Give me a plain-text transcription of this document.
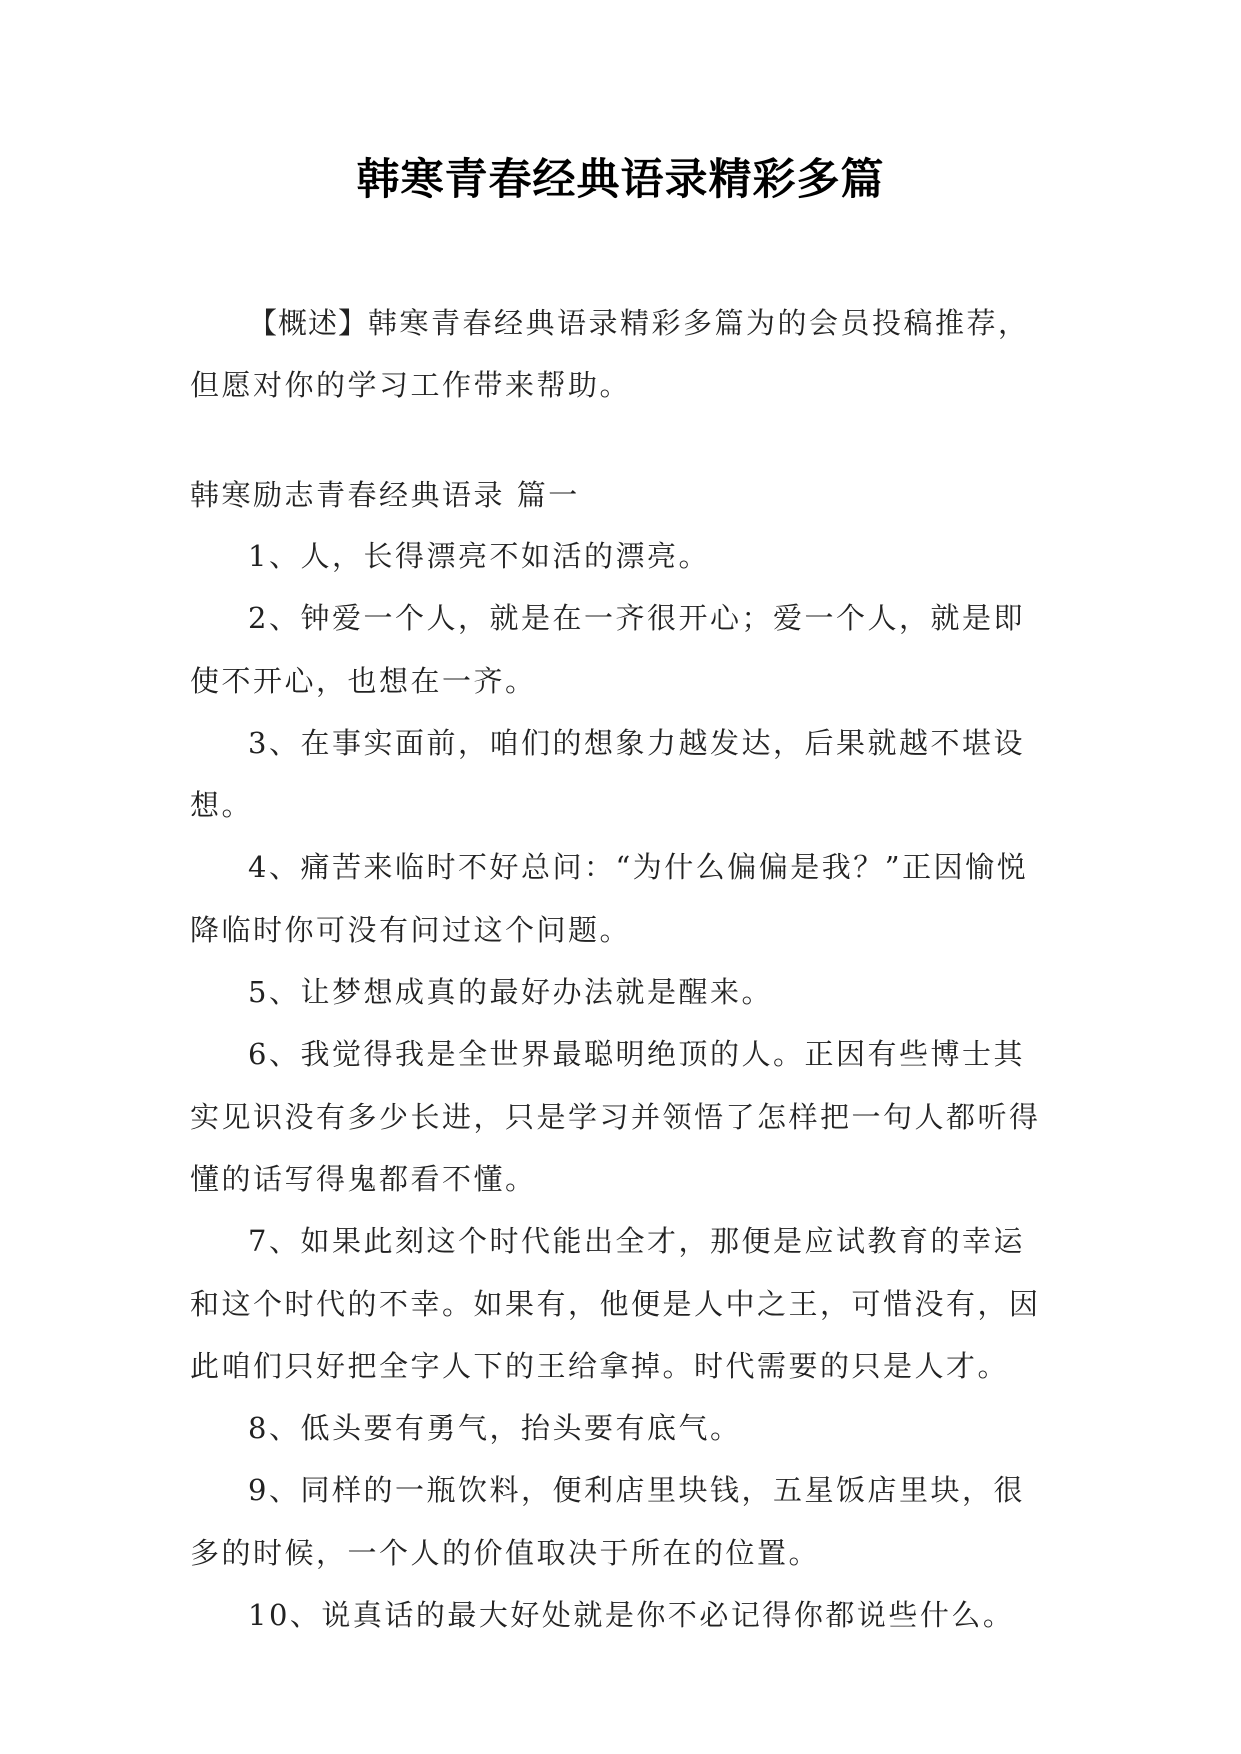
韩寒青春经典语录精彩多篇
【概述】韩寒青春经典语录精彩多篇为的会员投稿推荐，但愿对你的学习工作带来帮助。
韩寒励志青春经典语录 篇一

1、人，长得漂亮不如活的漂亮。

2、钟爱一个人，就是在一齐很开心；爱一个人，就是即使不开心，也想在一齐。

3、在事实面前，咱们的想象力越发达，后果就越不堪设想。

4、痛苦来临时不好总问：“为什么偏偏是我？”正因愉悦降临时你可没有问过这个问题。

5、让梦想成真的最好办法就是醒来。

6、我觉得我是全世界最聪明绝顶的人。正因有些博士其实见识没有多少长进，只是学习并领悟了怎样把一句人都听得懂的话写得鬼都看不懂。

7、如果此刻这个时代能出全才，那便是应试教育的幸运和这个时代的不幸。如果有，他便是人中之王，可惜没有，因此咱们只好把全字人下的王给拿掉。时代需要的只是人才。

8、低头要有勇气，抬头要有底气。

9、同样的一瓶饮料，便利店里块钱，五星饭店里块，很多的时候，一个人的价值取决于所在的位置。

10、说真话的最大好处就是你不必记得你都说些什么。
